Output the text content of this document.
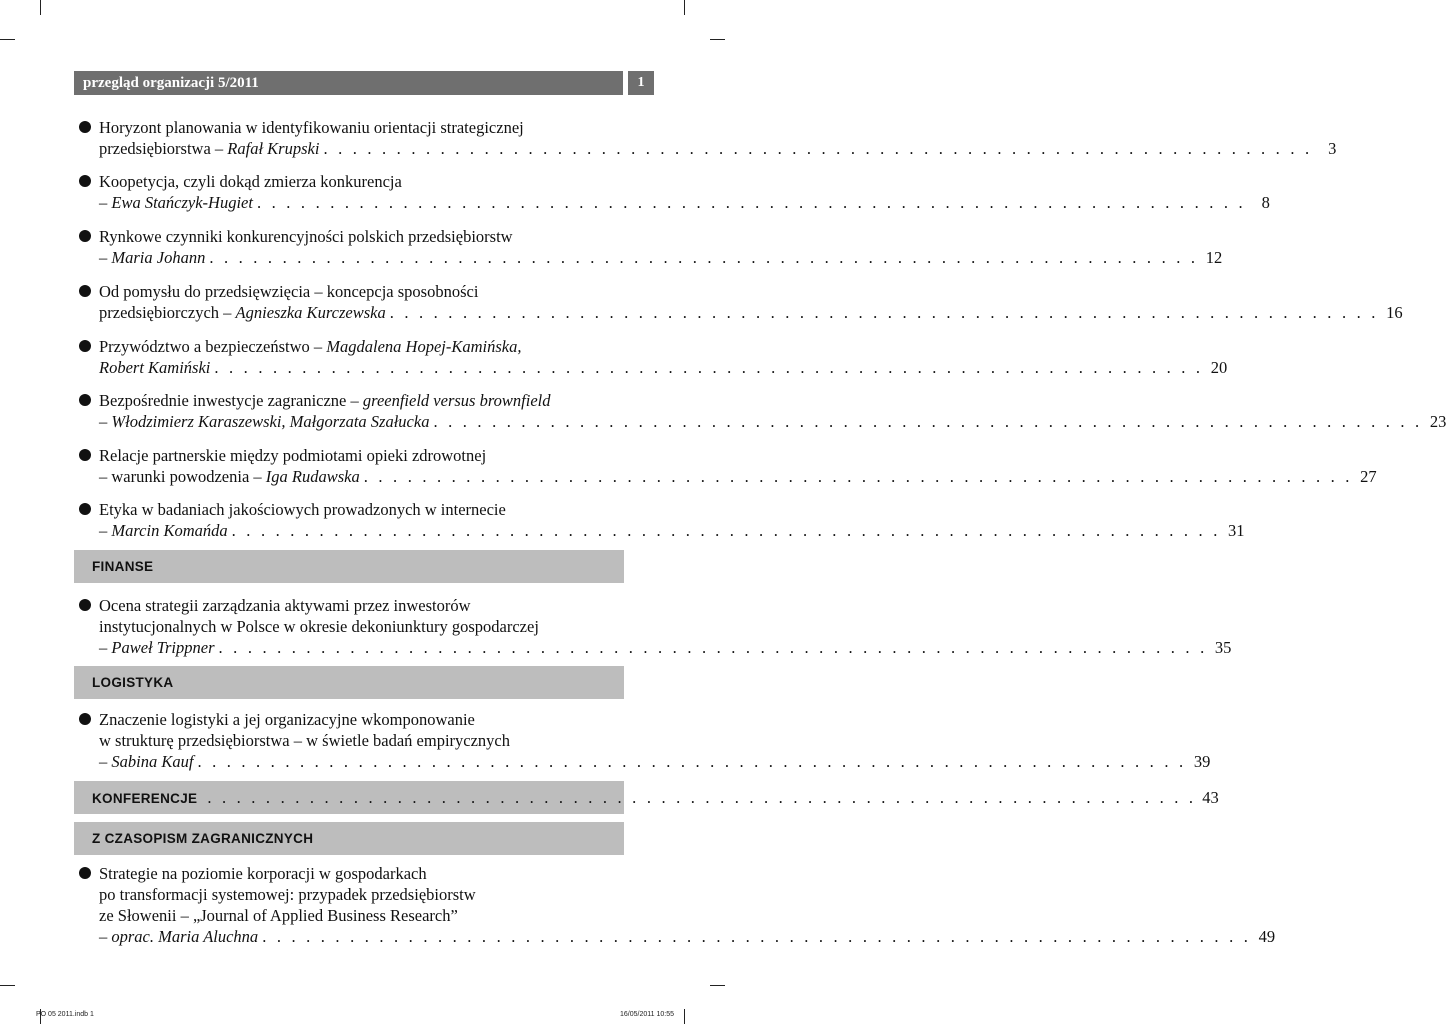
przegląd organizacji 5/2011	1
Horyzont planowania w identyfikowaniu orientacji strategicznej
przedsiębiorstwa – Rafał Krupski . . . . . . . . . . . . . . . . . . . . . . . . . . . . . . . . . . . . . . . . . . . . . . . . . . . . . . . . . . . . . . . . . . . . 3
Koopetycja, czyli dokąd zmierza konkurencja
– Ewa Stańczyk-Hugiet . . . . . . . . . . . . . . . . . . . . . . . . . . . . . . . . . . . . . . . . . . . . . . . . . . . . . . . . . . . . . . . . . . . . 8
Rynkowe czynniki konkurencyjności polskich przedsiębiorstw
– Maria Johann . . . . . . . . . . . . . . . . . . . . . . . . . . . . . . . . . . . . . . . . . . . . . . . . . . . . . . . . . . . . . . . . . . . . 12
Od pomysłu do przedsięwzięcia – koncepcja sposobności
przedsiębiorczych – Agnieszka Kurczewska . . . . . . . . . . . . . . . . . . . . . . . . . . . . . . . . . . . . . . . . . . . . . . . . . . . . . . . . . . . . . . . . . . . . 16
Przywództwo a bezpieczeństwo – Magdalena Hopej-Kamińska,
Robert Kamiński . . . . . . . . . . . . . . . . . . . . . . . . . . . . . . . . . . . . . . . . . . . . . . . . . . . . . . . . . . . . . . . . . . . . 20
Bezpośrednie inwestycje zagraniczne – greenfield versus brownfield
– Włodzimierz Karaszewski, Małgorzata Szałucka . . . . . . . . . . . . . . . . . . . . . . . . . . . . . . . . . . . . . . . . . . . . . . . . . . . . . . . . . . . . . . . . . . . . 23
Relacje partnerskie między podmiotami opieki zdrowotnej
– warunki powodzenia – Iga Rudawska . . . . . . . . . . . . . . . . . . . . . . . . . . . . . . . . . . . . . . . . . . . . . . . . . . . . . . . . . . . . . . . . . . . . 27
Etyka w badaniach jakościowych prowadzonych w internecie
– Marcin Komańda . . . . . . . . . . . . . . . . . . . . . . . . . . . . . . . . . . . . . . . . . . . . . . . . . . . . . . . . . . . . . . . . . . . . 31
FINANSE
Ocena strategii zarządzania aktywami przez inwestorów
instytucjonalnych w Polsce w okresie dekoniunktury gospodarczej
– Paweł Trippner . . . . . . . . . . . . . . . . . . . . . . . . . . . . . . . . . . . . . . . . . . . . . . . . . . . . . . . . . . . . . . . . . . . . 35
LOGISTYKA
Znaczenie logistyki a jej organizacyjne wkomponowanie
w strukturę przedsiębiorstwa – w świetle badań empirycznych
– Sabina Kauf . . . . . . . . . . . . . . . . . . . . . . . . . . . . . . . . . . . . . . . . . . . . . . . . . . . . . . . . . . . . . . . . . . . . 39
KONFERENCJE . . . . . . . . . . . . . . . . . . . . . . . . . . . . . . . . . . . . . . . . . . . . . . . . . . . . . . . . . . . . . . . . . . . . 43
Z CZASOPISM ZAGRANICZNYCH
Strategie na poziomie korporacji w gospodarkach
po transformacji systemowej: przypadek przedsiębiorstw
ze Słowenii – „Journal of Applied Business Research”
– oprac. Maria Aluchna . . . . . . . . . . . . . . . . . . . . . . . . . . . . . . . . . . . . . . . . . . . . . . . . . . . . . . . . . . . . . . . . . . . . 49
PO 05 2011.indb 1	16/05/2011 10:55
